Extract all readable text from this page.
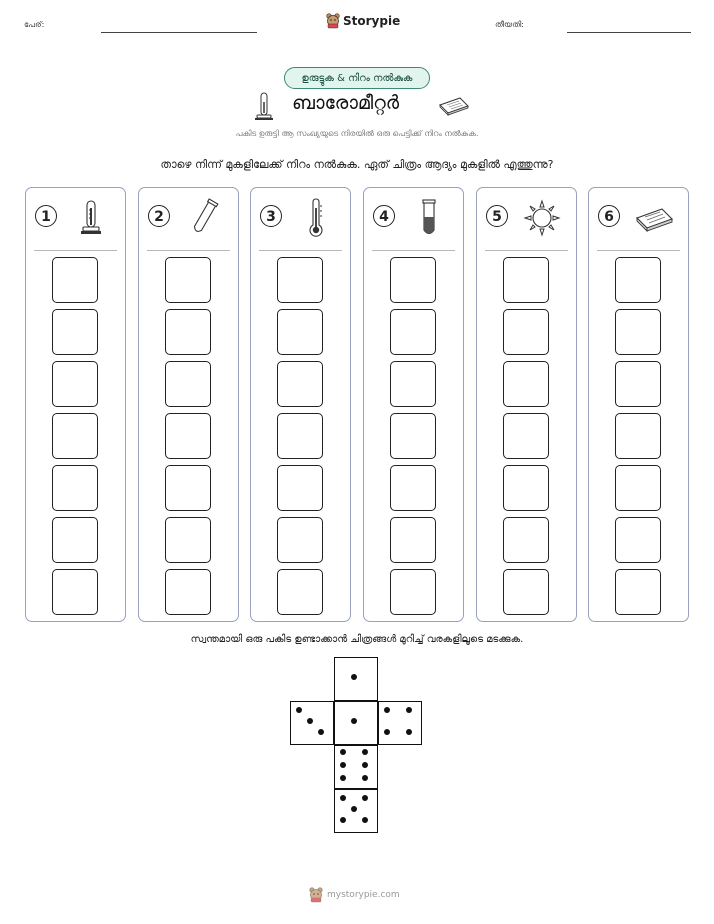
പേര്:	Storypie	തീയതി:
ഉരുട്ടുക & നിറം നൽകുക
ബാരോമീറ്റർ
പകിട ഉരുട്ടി ആ സംഖ്യയുടെ നിരയിൽ ഒരു പെട്ടിക്ക് നിറം നൽകുക.
താഴെ നിന്ന് മുകളിലേക്ക് നിറം നൽകുക. ഏത് ചിത്രം ആദ്യം മുകളിൽ എത്തുന്നു?
1	2	3	4	5	6
സ്വന്തമായി ഒരു പകിട ഉണ്ടാക്കാൻ ചിത്രങ്ങൾ മുറിച്ച് വരകളിലൂടെ മടക്കുക.
mystorypie.com
